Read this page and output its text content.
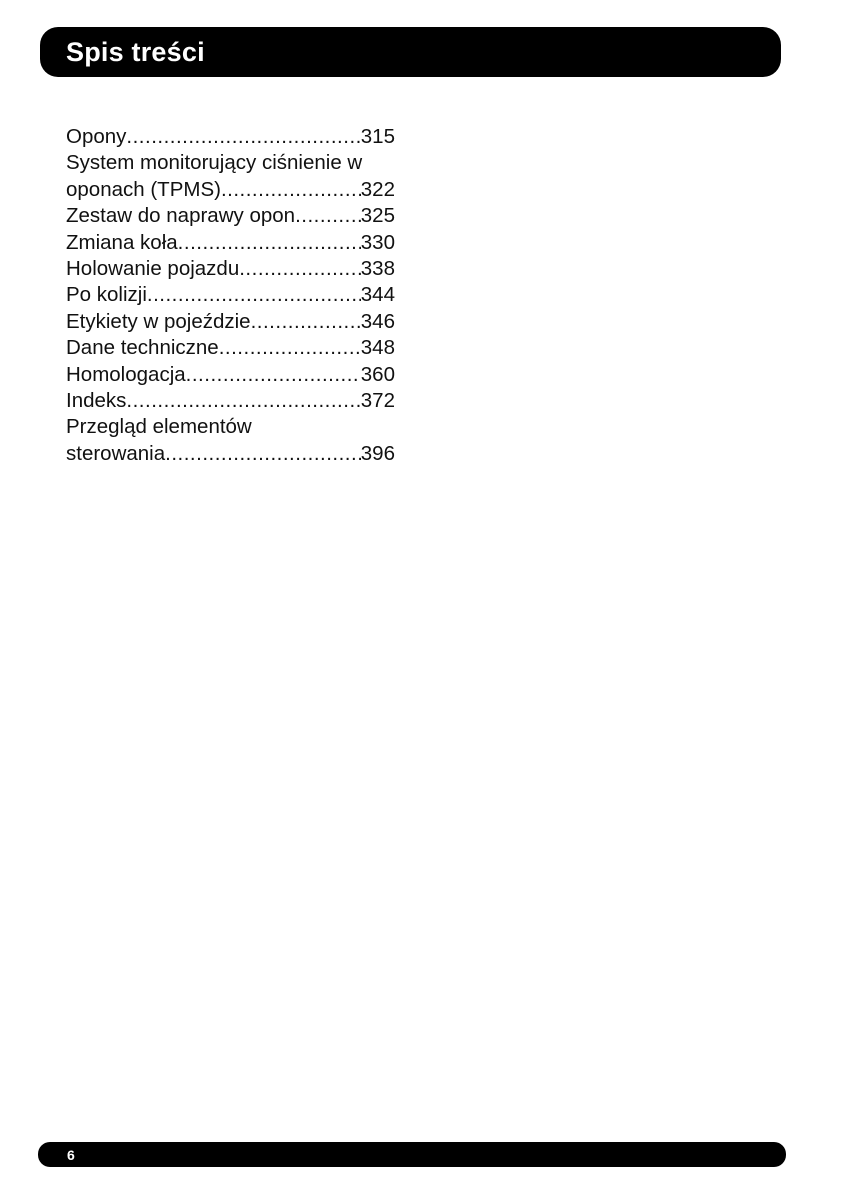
Spis treści
Opony .....	315
System monitorujący ciśnienie w
oponach (TPMS) .....	322
Zestaw do naprawy opon .....	325
Zmiana koła .....	330
Holowanie pojazdu .....	338
Po kolizji .....	344
Etykiety w pojeździe .....	346
Dane techniczne .....	348
Homologacja .....	360
Indeks .....	372
Przegląd elementów
sterowania .....	396
6
